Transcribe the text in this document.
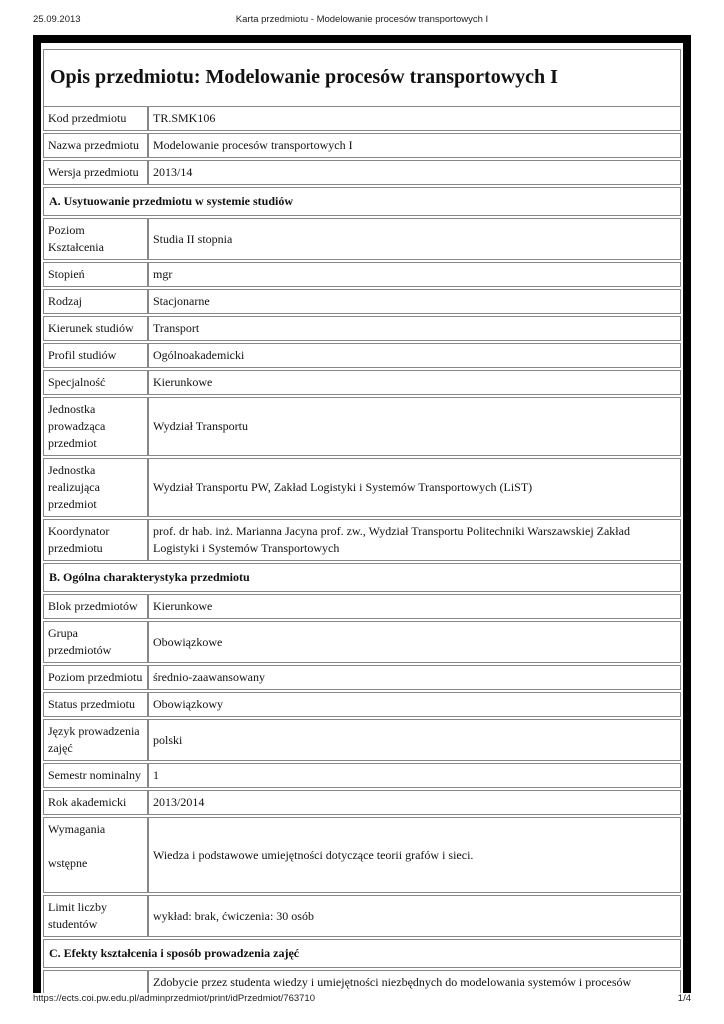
25.09.2013	Karta przedmiotu - Modelowanie procesów transportowych I
Opis przedmiotu: Modelowanie procesów transportowych I
Kod przedmiotu	TR.SMK106
Nazwa przedmiotu	Modelowanie procesów transportowych I
Wersja przedmiotu	2013/14
A. Usytuowanie przedmiotu w systemie studiów	
Poziom Kształcenia	Studia II stopnia
Stopień	mgr
Rodzaj	Stacjonarne
Kierunek studiów	Transport
Profil studiów	Ogólnoakademicki
Specjalność	Kierunkowe
Jednostka prowadząca przedmiot	Wydział Transportu
Jednostka realizująca przedmiot	Wydział Transportu PW, Zakład Logistyki i Systemów Transportowych (LiST)
Koordynator przedmiotu	prof. dr hab. inż. Marianna Jacyna prof. zw., Wydział Transportu Politechniki Warszawskiej Zakład Logistyki i Systemów Transportowych
B. Ogólna charakterystyka przedmiotu	
Blok przedmiotów	Kierunkowe
Grupa przedmiotów	Obowiązkowe
Poziom przedmiotu	średnio-zaawansowany
Status przedmiotu	Obowiązkowy
Język prowadzenia zajęć	polski
Semestr nominalny	1
Rok akademicki	2013/2014

Wymagania
wstępne	Wiedza i podstawowe umiejętności dotyczące teorii grafów i sieci.
Limit liczby studentów	wykład: brak, ćwiczenia: 30 osób
C. Efekty kształcenia i sposób prowadzenia zajęć	
	Zdobycie przez studenta wiedzy i umiejętności niezbędnych do modelowania systemów i procesów
https://ects.coi.pw.edu.pl/adminprzedmiot/print/idPrzedmiot/763710	1/4
